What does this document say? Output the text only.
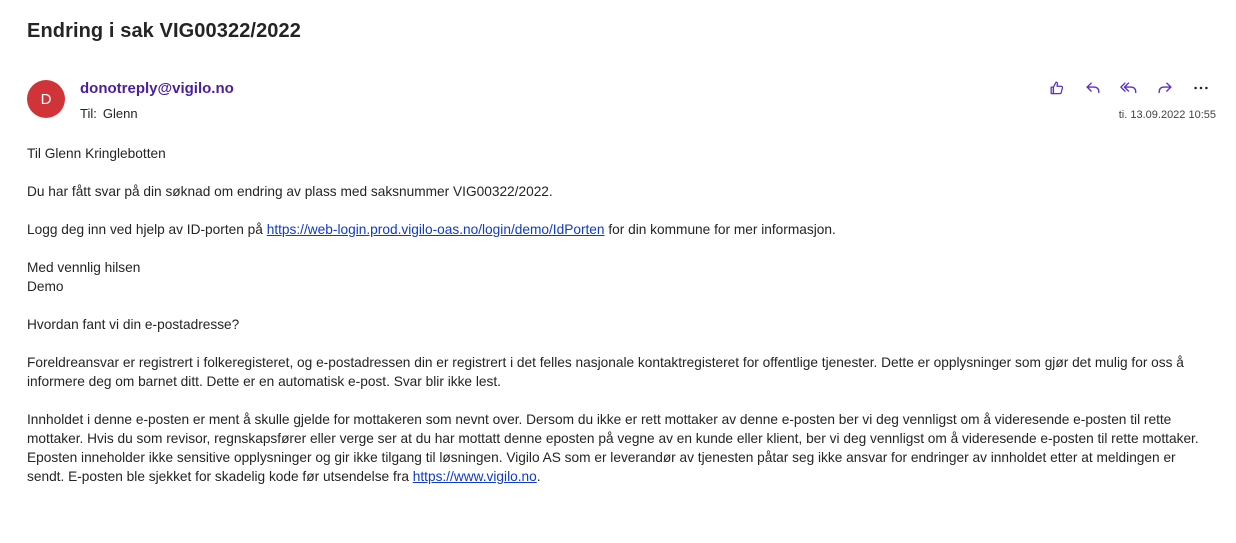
Endring i sak VIG00322/2022
D
donotreply@vigilo.no
Til: Glenn	ti. 13.09.2022 10:55

Til Glenn Kringlebotten

Du har fått svar på din søknad om endring av plass med saksnummer VIG00322/2022.

Logg deg inn ved hjelp av ID-porten på https://web-login.prod.vigilo-oas.no/login/demo/IdPorten for din kommune for mer informasjon.

Med vennlig hilsen
Demo

Hvordan fant vi din e-postadresse?

Foreldreansvar er registrert i folkeregisteret, og e-postadressen din er registrert i det felles nasjonale kontaktregisteret for offentlige tjenester. Dette er opplysninger som gjør det mulig for oss å informere deg om barnet ditt. Dette er en automatisk e-post. Svar blir ikke lest.

Innholdet i denne e-posten er ment å skulle gjelde for mottakeren som nevnt over. Dersom du ikke er rett mottaker av denne e-posten ber vi deg vennligst om å videresende e-posten til rette mottaker. Hvis du som revisor, regnskapsfører eller verge ser at du har mottatt denne eposten på vegne av en kunde eller klient, ber vi deg vennligst om å videresende e-posten til rette mottaker. Eposten inneholder ikke sensitive opplysninger og gir ikke tilgang til løsningen. Vigilo AS som er leverandør av tjenesten påtar seg ikke ansvar for endringer av innholdet etter at meldingen er sendt. E-posten ble sjekket for skadelig kode før utsendelse fra https://www.vigilo.no.
